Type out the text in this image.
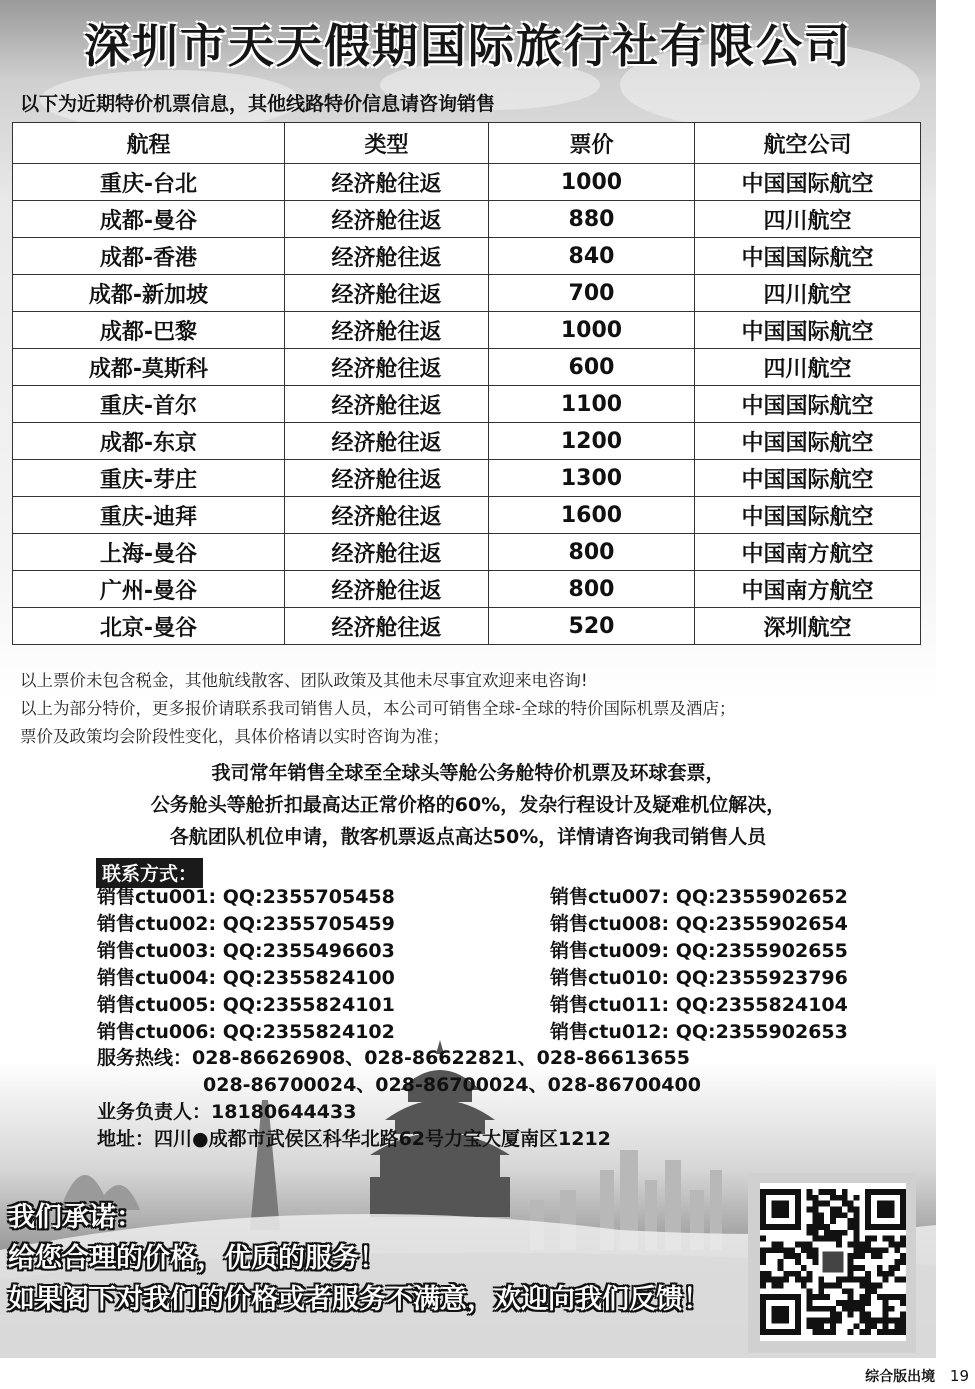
深圳市天天假期国际旅行社有限公司
以下为近期特价机票信息，其他线路特价信息请咨询销售
航程	类型	票价	航空公司
重庆-台北	经济舱往返	1000	中国国际航空
成都-曼谷	经济舱往返	880	四川航空
成都-香港	经济舱往返	840	中国国际航空
成都-新加坡	经济舱往返	700	四川航空
成都-巴黎	经济舱往返	1000	中国国际航空
成都-莫斯科	经济舱往返	600	四川航空
重庆-首尔	经济舱往返	1100	中国国际航空
成都-东京	经济舱往返	1200	中国国际航空
重庆-芽庄	经济舱往返	1300	中国国际航空
重庆-迪拜	经济舱往返	1600	中国国际航空
上海-曼谷	经济舱往返	800	中国南方航空
广州-曼谷	经济舱往返	800	中国南方航空
北京-曼谷	经济舱往返	520	深圳航空
以上票价未包含税金，其他航线散客、团队政策及其他未尽事宜欢迎来电咨询!
以上为部分特价，更多报价请联系我司销售人员，本公司可销售全球-全球的特价国际机票及酒店；
票价及政策均会阶段性变化，具体价格请以实时咨询为准；
我司常年销售全球至全球头等舱公务舱特价机票及环球套票，
公务舱头等舱折扣最高达正常价格的60%，发杂行程设计及疑难机位解决，
各航团队机位申请，散客机票返点高达50%，详情请咨询我司销售人员
联系方式：
销售ctu001: QQ:2355705458
销售ctu002: QQ:2355705459
销售ctu003: QQ:2355496603
销售ctu004: QQ:2355824100
销售ctu005: QQ:2355824101
销售ctu006: QQ:2355824102
销售ctu007: QQ:2355902652
销售ctu008: QQ:2355902654
销售ctu009: QQ:2355902655
销售ctu010: QQ:2355923796
销售ctu011: QQ:2355824104
销售ctu012: QQ:2355902653
服务热线：028-86626908、028-86622821、028-86613655
028-86700024、028-86700024、028-86700400
业务负责人：18180644433
地址：四川●成都市武侯区科华北路62号力宝大厦南区1212
我们承诺：
给您合理的价格，优质的服务！
如果阁下对我们的价格或者服务不满意，欢迎向我们反馈！
综合版出境 19
